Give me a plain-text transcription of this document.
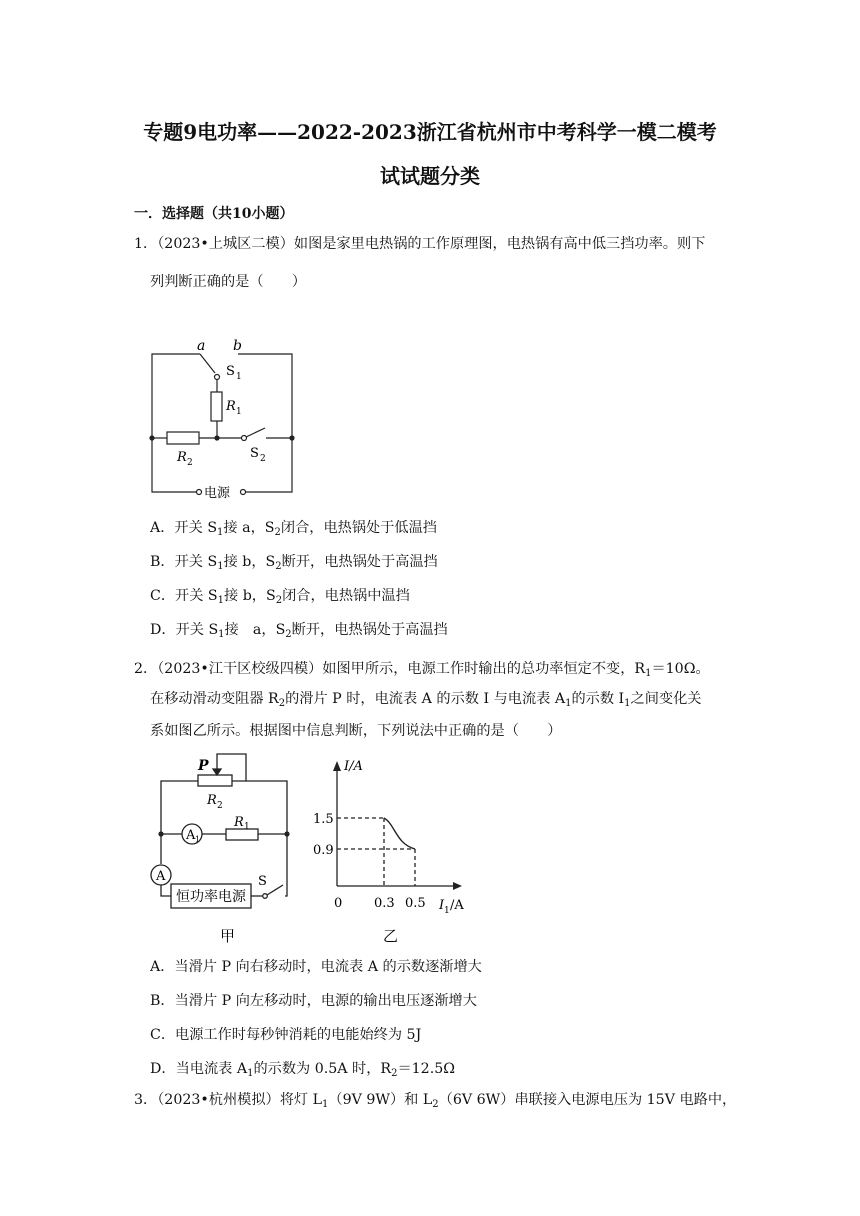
专题9电功率——2022-2023浙江省杭州市中考科学一模二模考
试试题分类
一．选择题（共10小题）
1．（2023•上城区二模）如图是家里电热锅的工作原理图，电热锅有高中低三挡功率。则下
列判断正确的是（　　）
a b
S 1
R 1
R 2
S 2
电源
A．开关 $S_1$接 a，$S_2$闭合，电热锅处于低温挡
B．开关 $S_1$接 b，$S_2$断开，电热锅处于高温挡
C．开关 $S_1$接 b，$S_2$闭合，电热锅中温挡
D．开关 $S_1$接　a，$S_2$断开，电热锅处于高温挡
2．（2023•江干区校级四模）如图甲所示，电源工作时输出的总功率恒定不变，$R_1=10\Omega$。
在移动滑动变阻器 $R_2$的滑片 P 时，电流表 A 的示数 I 与电流表 $A_1$的示数 $I_1$之间变化关
系如图乙所示。根据图中信息判断，下列说法中正确的是（　　）
P
R 2
R 1
A 1
A	S
恒功率电源
甲
I/A
1.5
0.9
0 0.3 0.5 I 1 /A
乙
A．当滑片 P 向右移动时，电流表 A 的示数逐渐增大
B．当滑片 P 向左移动时，电源的输出电压逐渐增大
C．电源工作时每秒钟消耗的电能始终为 5J
D．当电流表 $A_1$的示数为 0.5A 时，$R_2=12.5\Omega$
3．（2023•杭州模拟）将灯 $L_1(9V$ 9W）和 $L_2(6V$ 6W）串联接入电源电压为 15V 电路中，
